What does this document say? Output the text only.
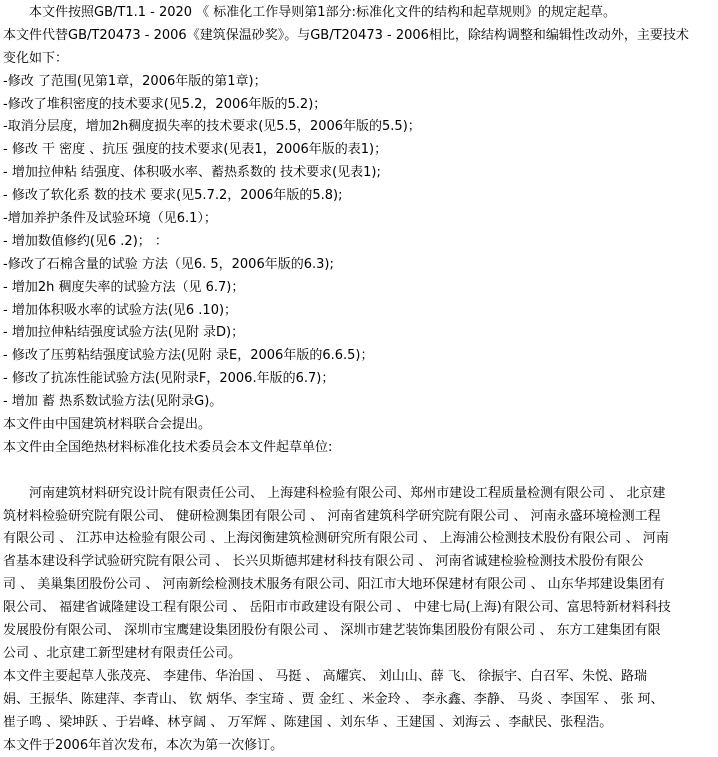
本文件按照GB/T1.1 - 2020 《 标准化工作导则第1部分:标准化文件的结构和起草规则》的规定起草。
本文件代替GB/T20473 - 2006《建筑保温砂奖》。与GB/T20473 - 2006相比，除结构调整和编辑性改动外，主要技术
变化如下：
-修改 了范围(见第1章，2006年版的第1章)；
-修改了堆积密度的技术要求(见5.2，2006年版的5.2)；
-取消分层度，增加2h稠度损失率的技术要求(见5.5，2006年版的5.5)；
- 修改 干 密度 、抗压 强度的技术要求(见表1，2006年版的表1)；
- 增加拉伸粘 结强度、体积吸水率、蓄热系数的 技术要求(见表1);
- 修改了软化系 数的技术 要求(见5.7.2，2006年版的5.8);
-增加养护条件及试验环境（见6.1）；
- 增加数值修约(见6 .2)； ：
-修改了石棉含量的试验 方法（见6. 5，2006年版的6.3);
- 增加2h 稠度失率的试验方法（见 6.7)；
- 增加体积吸水率的试验方法(见6 .10)；
- 增加拉伸粘结强度试验方法(见附 录D)；
- 修改了压剪粘结强度试验方法(见附 录E，2006年版的6.6.5)；
- 修改了抗冻性能试验方法(见附录F，2006.年版的6.7)；
- 增加 蓄 热系数试验方法(见附录G)。
本文件由中国建筑材料联合会提出。
本文件由全国绝热材料标准化技术委员会本文件起草单位:
河南建筑材料研究设计院有限责任公司、 上海建科检验有限公司、郑州市建设工程质量检测有限公司 、 北京建
筑材料检验研究院有限公司、 健研检测集团有限公司 、 河南省建筑科学研究院有限公司 、 河南永盛环境检测工程
有限公司 、 江苏申达检验有限公司 、上海闵衡建筑检测研究所有限公司 、 上海浦公检测技术股份有限公司 、 河南
省基本建设科学试验研究院有限公司 、 长兴贝斯德邦建材科技有限公司 、 河南省诚建检验检测技术股份有限公
司 、 美巢集团股份公司 、 河南新绘检测技术服务有限公司、阳江市大地环保建材有限公司 、 山东华邦建设集团有
限公司、 福建省诚隆建设工程有限公司 、 岳阳市市政建设有限公司 、 中建七局(上海)有限公司、富思特新材料科技
发展股份有限公司、 深圳市宝鹰建设集团股份有限公司 、 深圳市建艺装饰集团股份有限公司 、 东方工建集团有限
公司 、北京建工新型建材有限责任公司。
本文件主要起草人张茂亮、 李建伟、华治国 、 马挺 、 高耀宾、 刘山山、薛 飞、 徐振宇、白召军、朱悦、路瑞
娟、王振华、陈建萍、李青山、 钦 炳华、李宝琦 、贾 金红 、米金玲 、 李永鑫、李静、 马炎 、李国军 、 张 珂、
崔子鸣 、梁坤跃 、于岩峰、林亨阔 、 万军辉 、陈建国 、刘东华 、王建国 、刘海云 、李献民、张程浩。
本文件于2006年首次发布，本次为第一次修订。
